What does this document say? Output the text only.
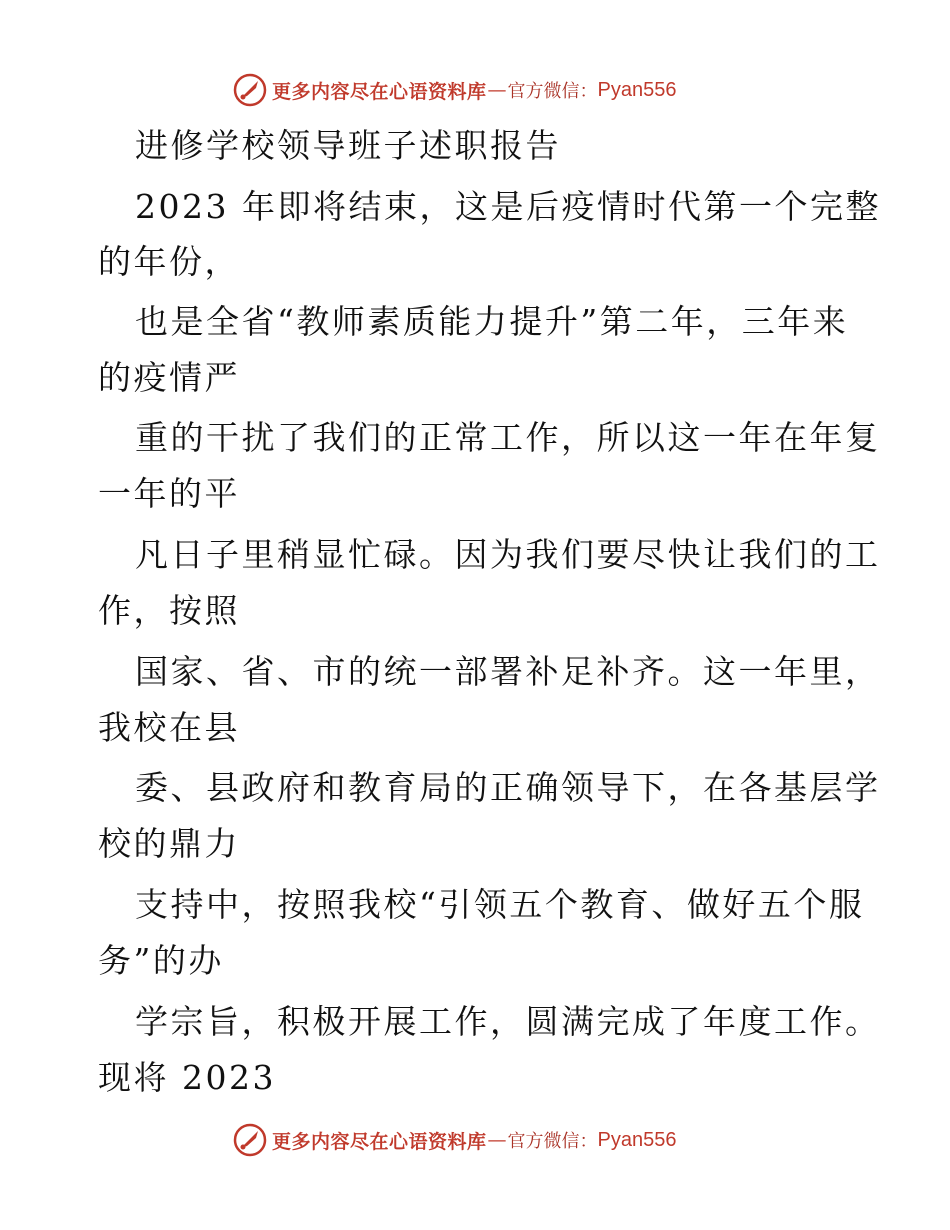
更多内容尽在心语资料库 — 官方微信： Pyan556
进修学校领导班子述职报告
2023 年即将结束，这是后疫情时代第一个完整
的年份，
也是全省“教师素质能力提升”第二年，三年来
的疫情严
重的干扰了我们的正常工作，所以这一年在年复
一年的平
凡日子里稍显忙碌。因为我们要尽快让我们的工
作，按照
国家、省、市的统一部署补足补齐。这一年里，
我校在县
委、县政府和教育局的正确领导下，在各基层学
校的鼎力
支持中，按照我校“引领五个教育、做好五个服
务”的办
学宗旨，积极开展工作，圆满完成了年度工作。
现将 2023
更多内容尽在心语资料库 — 官方微信： Pyan556
